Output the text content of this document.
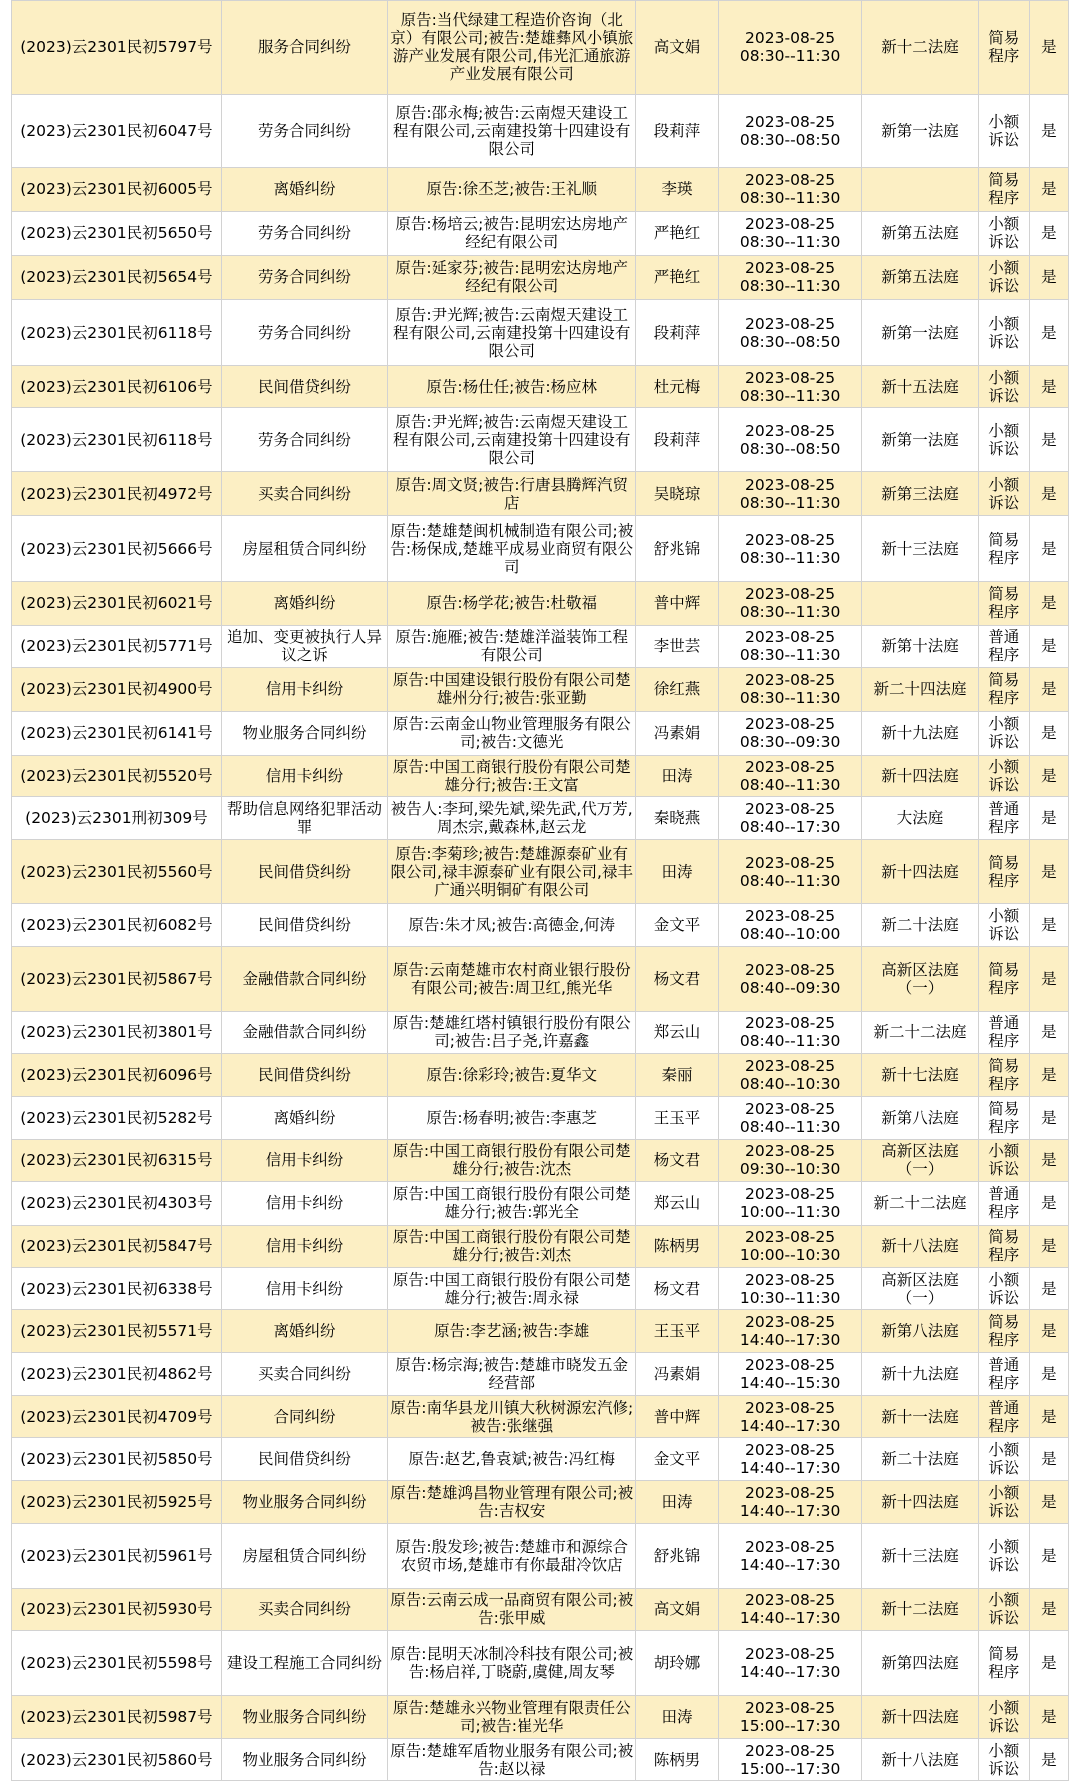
(2023)云2301民初5797号	服务合同纠纷	原告:当代绿建工程造价咨询（北京）有限公司;被告:楚雄彝风小镇旅游产业发展有限公司,伟光汇通旅游产业发展有限公司	高文娟	2023-08-25
08:30--11:30	新十二法庭	简易程序	是
(2023)云2301民初6047号	劳务合同纠纷	原告:邵永梅;被告:云南煜天建设工程有限公司,云南建投第十四建设有限公司	段莉萍	2023-08-25
08:30--08:50	新第一法庭	小额诉讼	是
(2023)云2301民初6005号	离婚纠纷	原告:徐丕芝;被告:王礼顺	李瑛	2023-08-25
08:30--11:30		简易程序	是
(2023)云2301民初5650号	劳务合同纠纷	原告:杨培云;被告:昆明宏达房地产经纪有限公司	严艳红	2023-08-25
08:30--11:30	新第五法庭	小额诉讼	是
(2023)云2301民初5654号	劳务合同纠纷	原告:延家芬;被告:昆明宏达房地产经纪有限公司	严艳红	2023-08-25
08:30--11:30	新第五法庭	小额诉讼	是
(2023)云2301民初6118号	劳务合同纠纷	原告:尹光辉;被告:云南煜天建设工程有限公司,云南建投第十四建设有限公司	段莉萍	2023-08-25
08:30--08:50	新第一法庭	小额诉讼	是
(2023)云2301民初6106号	民间借贷纠纷	原告:杨仕任;被告:杨应林	杜元梅	2023-08-25
08:30--11:30	新十五法庭	小额诉讼	是
(2023)云2301民初6118号	劳务合同纠纷	原告:尹光辉;被告:云南煜天建设工程有限公司,云南建投第十四建设有限公司	段莉萍	2023-08-25
08:30--08:50	新第一法庭	小额诉讼	是
(2023)云2301民初4972号	买卖合同纠纷	原告:周文贤;被告:行唐县腾辉汽贸店	吴晓琼	2023-08-25
08:30--11:30	新第三法庭	小额诉讼	是
(2023)云2301民初5666号	房屋租赁合同纠纷	原告:楚雄楚闽机械制造有限公司;被告:杨保成,楚雄平成易业商贸有限公司	舒兆锦	2023-08-25
08:30--11:30	新十三法庭	简易程序	是
(2023)云2301民初6021号	离婚纠纷	原告:杨学花;被告:杜敬福	普中辉	2023-08-25
08:30--11:30		简易程序	是
(2023)云2301民初5771号	追加、变更被执行人异议之诉	原告:施雁;被告:楚雄洋溢装饰工程有限公司	李世芸	2023-08-25
08:30--11:30	新第十法庭	普通程序	是
(2023)云2301民初4900号	信用卡纠纷	原告:中国建设银行股份有限公司楚雄州分行;被告:张亚勤	徐红燕	2023-08-25
08:30--11:30	新二十四法庭	简易程序	是
(2023)云2301民初6141号	物业服务合同纠纷	原告:云南金山物业管理服务有限公司;被告:文德光	冯素娟	2023-08-25
08:30--09:30	新十九法庭	小额诉讼	是
(2023)云2301民初5520号	信用卡纠纷	原告:中国工商银行股份有限公司楚雄分行;被告:王文富	田涛	2023-08-25
08:40--11:30	新十四法庭	小额诉讼	是
(2023)云2301刑初309号	帮助信息网络犯罪活动罪	被告人:李珂,梁先斌,梁先武,代万芳,周杰宗,戴森林,赵云龙	秦晓燕	2023-08-25
08:40--17:30	大法庭	普通程序	是
(2023)云2301民初5560号	民间借贷纠纷	原告:李菊珍;被告:楚雄源泰矿业有限公司,禄丰源泰矿业有限公司,禄丰广通兴明铜矿有限公司	田涛	2023-08-25
08:40--11:30	新十四法庭	简易程序	是
(2023)云2301民初6082号	民间借贷纠纷	原告:朱才凤;被告:高德金,何涛	金文平	2023-08-25
08:40--10:00	新二十法庭	小额诉讼	是
(2023)云2301民初5867号	金融借款合同纠纷	原告:云南楚雄市农村商业银行股份有限公司;被告:周卫红,熊光华	杨文君	2023-08-25
08:40--09:30	高新区法庭（一）	简易程序	是
(2023)云2301民初3801号	金融借款合同纠纷	原告:楚雄红塔村镇银行股份有限公司;被告:吕子尧,许嘉鑫	郑云山	2023-08-25
08:40--11:30	新二十二法庭	普通程序	是
(2023)云2301民初6096号	民间借贷纠纷	原告:徐彩玲;被告:夏华文	秦丽	2023-08-25
08:40--10:30	新十七法庭	简易程序	是
(2023)云2301民初5282号	离婚纠纷	原告:杨春明;被告:李惠芝	王玉平	2023-08-25
08:40--11:30	新第八法庭	简易程序	是
(2023)云2301民初6315号	信用卡纠纷	原告:中国工商银行股份有限公司楚雄分行;被告:沈杰	杨文君	2023-08-25
09:30--10:30	高新区法庭（一）	小额诉讼	是
(2023)云2301民初4303号	信用卡纠纷	原告:中国工商银行股份有限公司楚雄分行;被告:郭光全	郑云山	2023-08-25
10:00--11:30	新二十二法庭	普通程序	是
(2023)云2301民初5847号	信用卡纠纷	原告:中国工商银行股份有限公司楚雄分行;被告:刘杰	陈柄男	2023-08-25
10:00--10:30	新十八法庭	简易程序	是
(2023)云2301民初6338号	信用卡纠纷	原告:中国工商银行股份有限公司楚雄分行;被告:周永禄	杨文君	2023-08-25
10:30--11:30	高新区法庭（一）	小额诉讼	是
(2023)云2301民初5571号	离婚纠纷	原告:李艺涵;被告:李雄	王玉平	2023-08-25
14:40--17:30	新第八法庭	简易程序	是
(2023)云2301民初4862号	买卖合同纠纷	原告:杨宗海;被告:楚雄市晓发五金经营部	冯素娟	2023-08-25
14:40--15:30	新十九法庭	普通程序	是
(2023)云2301民初4709号	合同纠纷	原告:南华县龙川镇大秋树源宏汽修;被告:张继强	普中辉	2023-08-25
14:40--17:30	新十一法庭	普通程序	是
(2023)云2301民初5850号	民间借贷纠纷	原告:赵艺,鲁袁斌;被告:冯红梅	金文平	2023-08-25
14:40--17:30	新二十法庭	小额诉讼	是
(2023)云2301民初5925号	物业服务合同纠纷	原告:楚雄鸿昌物业管理有限公司;被告:吉权安	田涛	2023-08-25
14:40--17:30	新十四法庭	小额诉讼	是
(2023)云2301民初5961号	房屋租赁合同纠纷	原告:殷发珍;被告:楚雄市和源综合农贸市场,楚雄市有你最甜冷饮店	舒兆锦	2023-08-25
14:40--17:30	新十三法庭	小额诉讼	是
(2023)云2301民初5930号	买卖合同纠纷	原告:云南云成一品商贸有限公司;被告:张甲威	高文娟	2023-08-25
14:40--17:30	新十二法庭	小额诉讼	是
(2023)云2301民初5598号	建设工程施工合同纠纷	原告:昆明天冰制冷科技有限公司;被告:杨启祥,丁晓蔚,虞健,周友琴	胡玲娜	2023-08-25
14:40--17:30	新第四法庭	简易程序	是
(2023)云2301民初5987号	物业服务合同纠纷	原告:楚雄永兴物业管理有限责任公司;被告:崔光华	田涛	2023-08-25
15:00--17:30	新十四法庭	小额诉讼	是
(2023)云2301民初5860号	物业服务合同纠纷	原告:楚雄军盾物业服务有限公司;被告:赵以禄	陈柄男	2023-08-25
15:00--17:30	新十八法庭	小额诉讼	是
